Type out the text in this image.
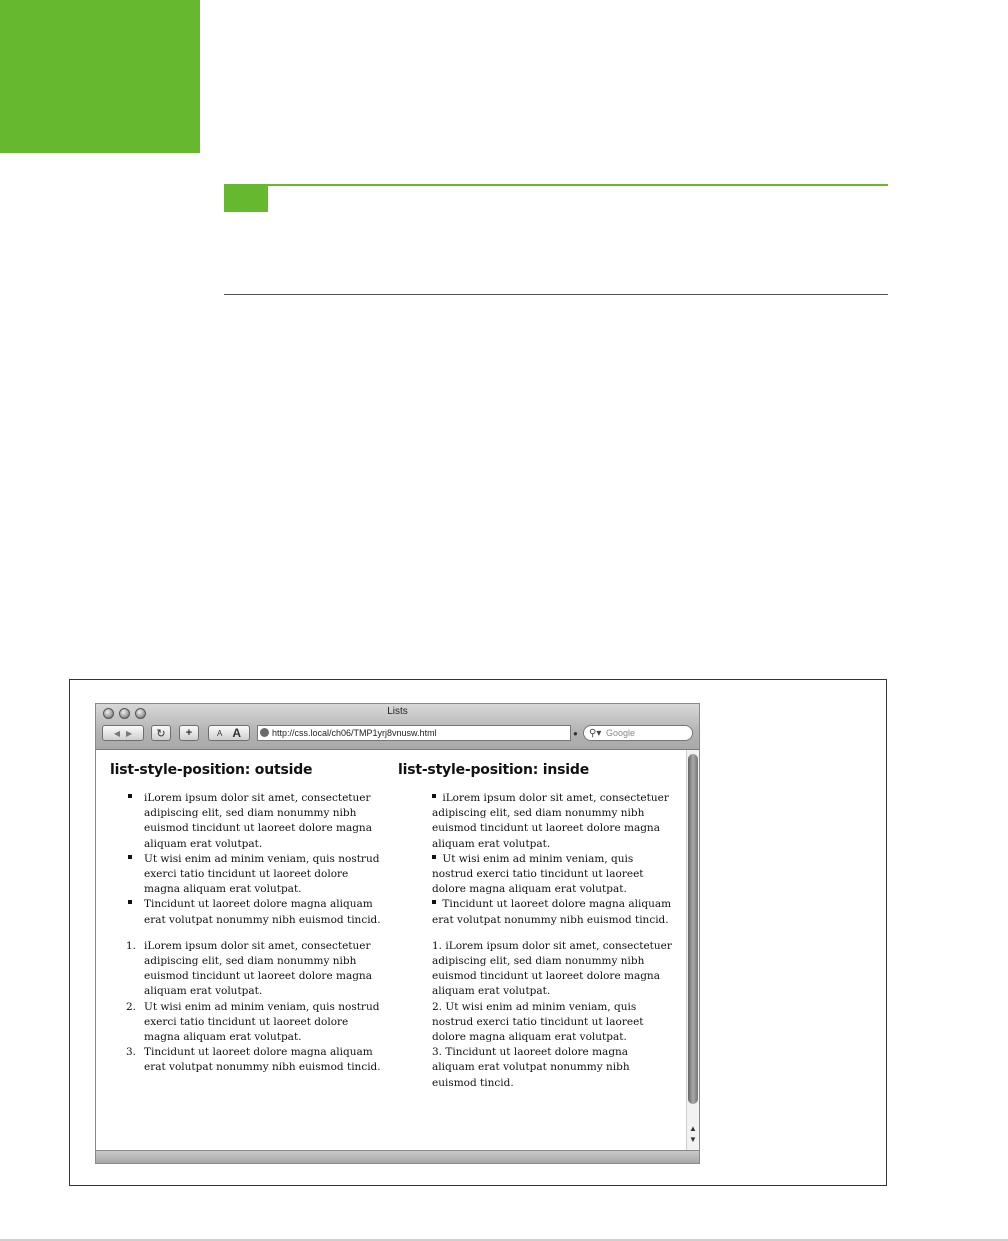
Lists
◀ ▶ ↻ +	A A	http://css.local/ch06/TMP1yrj8vnusw.html	● ⚲▾ Google
list-style-position: outside
iLorem ipsum dolor sit amet, consectetuer adipiscing elit, sed diam nonummy nibh euismod tincidunt ut laoreet dolore magna aliquam erat volutpat.
Ut wisi enim ad minim veniam, quis nostrud exerci tatio tincidunt ut laoreet dolore magna aliquam erat volutpat.
Tincidunt ut laoreet dolore magna aliquam erat volutpat nonummy nibh euismod tincid.
1. iLorem ipsum dolor sit amet, consectetuer adipiscing elit, sed diam nonummy nibh euismod tincidunt ut laoreet dolore magna aliquam erat volutpat.
2. Ut wisi enim ad minim veniam, quis nostrud exerci tatio tincidunt ut laoreet dolore magna aliquam erat volutpat.
3. Tincidunt ut laoreet dolore magna aliquam erat volutpat nonummy nibh euismod tincid.
list-style-position: inside
iLorem ipsum dolor sit amet, consectetuer adipiscing elit, sed diam nonummy nibh euismod tincidunt ut laoreet dolore magna aliquam erat volutpat.
Ut wisi enim ad minim veniam, quis nostrud exerci tatio tincidunt ut laoreet dolore magna aliquam erat volutpat.
Tincidunt ut laoreet dolore magna aliquam erat volutpat nonummy nibh euismod tincid.
1. iLorem ipsum dolor sit amet, consectetuer adipiscing elit, sed diam nonummy nibh euismod tincidunt ut laoreet dolore magna aliquam erat volutpat.
2. Ut wisi enim ad minim veniam, quis nostrud exerci tatio tincidunt ut laoreet dolore magna aliquam erat volutpat.
3. Tincidunt ut laoreet dolore magna aliquam erat volutpat nonummy nibh euismod tincid.
▲
▼
